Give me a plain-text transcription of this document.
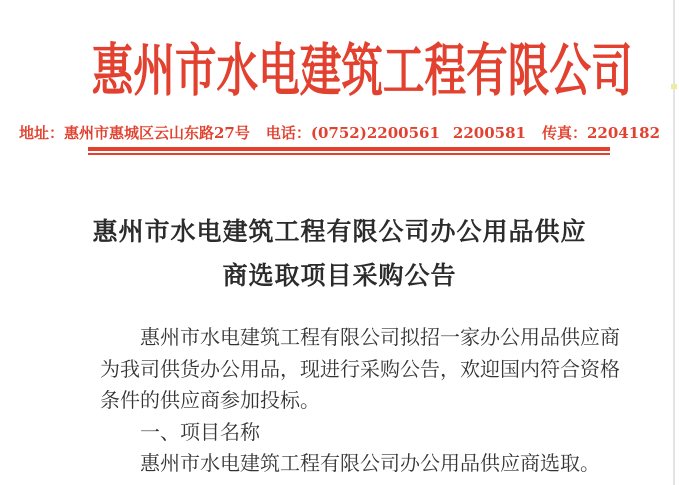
惠州市水电建筑工程有限公司
地址：惠州市惠城区云山东路27号 电话：(0752)2200561 2200581 传真：2204182
惠州市水电建筑工程有限公司办公用品供应
商选取项目采购公告

惠州市水电建筑工程有限公司拟招一家办公用品供应商为我司供货办公用品，现进行采购公告，欢迎国内符合资格条件的供应商参加投标。

一、项目名称

惠州市水电建筑工程有限公司办公用品供应商选取。
